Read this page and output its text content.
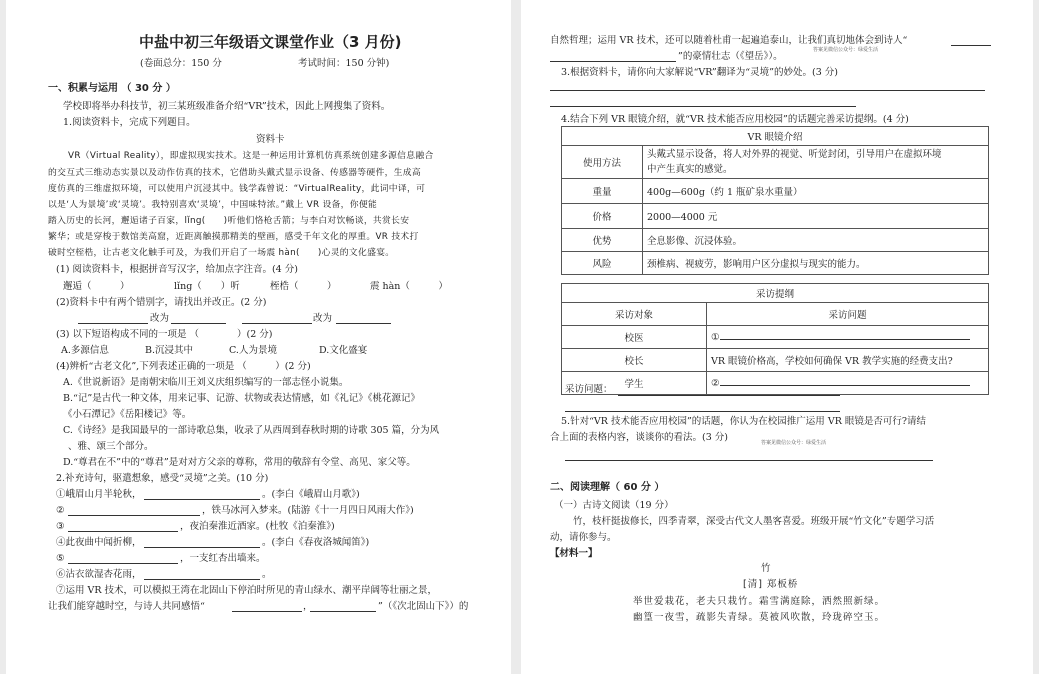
中盐中初三年级语文课堂作业（3 月份)
(卷面总分：150 分	考试时间：150 分钟)
一、积累与运用 （ 30 分 ）
学校即将举办科技节，初三某班级准备介绍“VR”技术，因此上网搜集了资料。
1.阅读资料卡，完成下列题目。
资料卡
VR（Virtual Reality），即虚拟现实技术。这是一种运用计算机仿真系统创建多源信息融合
的交互式三维动态实景以及动作仿真的技术，它借助头戴式显示设备、传感器等硬件，生成高
度仿真的三维虚拟环境，可以使用户沉浸其中。钱学森曾说：“VirtualReality，此词中译，可
以是‘人为景境’或‘灵境’。我特别喜欢‘灵境’，中国味特浓。”戴上 VR 设备，你便能
踏入历史的长河，邂逅诸子百家，lǐng(　　)听他们恪枪舌箭；与李白对饮畅谈，共赏长安
繁华；或是穿梭于数馆美高窟，近距离触摸那精美的壁画，感受千年文化的厚重。VR 技术打
破时空桎梏，让古老文化触手可及，为我们开启了一场震 hàn(　　)心灵的文化盛宴。
(1) 阅读资料卡，根据拼音写汉字，给加点字注音。(4 分)
邂逅（　　　）	lǐng（　　）听	桎梏（　　　）	震 hàn（　　　）
(2)资料卡中有两个错别字，请找出并改正。(2 分)
改为	改为
(3) 以下短语构成不同的一项是 （　　　　）(2 分)
A.多源信息	B.沉浸其中	C.人为景境	D.文化盛宴
(4)辨析“古老文化”,下列表述正确的一项是 （　　　）(2 分)
A.《世说新语》是南朝宋临川王刘义庆组织编写的一部志怪小说集。
B.“记”是古代一种文体，用来记事、记游、状物或表达情感，如《礼记》《桃花源记》
《小石潭记》《岳阳楼记》等。
C.《诗经》是我国最早的一部诗歌总集，收录了从西周到春秋时期的诗歌 305 篇，分为风
、雅、颂三个部分。
D.“尊君在不”中的“尊君”是对对方父亲的尊称，常用的敬辞有令堂、高见、家父等。
2.补充诗句，驱遣想象，感受“灵境”之美。(10 分)
①峨眉山月半轮秋，	。(李白《峨眉山月歌》)
②	，铁马冰河入梦来。(陆游《十一月四日风雨大作》)
③	，夜泊秦淮近酒家。(杜牧《泊秦淮》)
④此夜曲中闻折柳，	。(李白《春夜洛城闻笛》)
⑤	，一支红杏出墙来。
⑥沾衣欲湿杏花雨，	。
⑦运用 VR 技术，可以模拟王湾在北固山下停泊时所见的青山绿水、潮平岸阔等壮丽之景，
让我们能穿越时空，与诗人共同感悟“	，	”（《次北固山下》）的
自然哲理；运用 VR 技术，还可以随着杜甫一起遍追泰山，让我们真切地体会到诗人“
”的豪情壮志（《望岳》）。
答案见微信公众号：绿爱生活
3.根据资料卡，请你向大家解说“VR”翻译为“灵境”的妙处。(3 分)
4.结合下列 VR 眼镜介绍，就“VR 技术能否应用校园”的话题完善采访提纲。(4 分)
VR 眼镜介绍	
使用方法	头戴式显示设备，将人对外界的视觉、听觉封闭，引导用户在虚拟环境
中产生真实的感觉。
重量	400g—600g（约 1 瓶矿泉水重量）
价格	2000—4000 元
优势	全息影像、沉浸体验。
风险	颈椎病、视疲劳，影响用户区分虚拟与现实的能力。
采访提纲	
采访对象	采访问题
校医	①
校长	VR 眼镜价格高，学校如何确保 VR 教学实施的经费支出?
学生	②
采访问题：
5.针对“VR 技术能否应用校园”的话题，你认为在校园推广运用 VR 眼镜是否可行?请结
合上面的表格内容，谈谈你的看法。(3 分)	答案见微信公众号：绿爱生活
二、阅读理解（ 60 分 ）
（一）古诗文阅读（19 分）
竹，枝杆挺拔修长，四季青翠，深受古代文人墨客喜爱。班级开展“竹文化”专题学习活
动，请你参与。
【材料一】
竹
[清] 郑板桥
举世爱栽花，老夫只栽竹。霜雪满庭除，洒然照新绿。
幽篁一夜雪，疏影失青绿。莫被风吹散，玲珑碎空玉。
